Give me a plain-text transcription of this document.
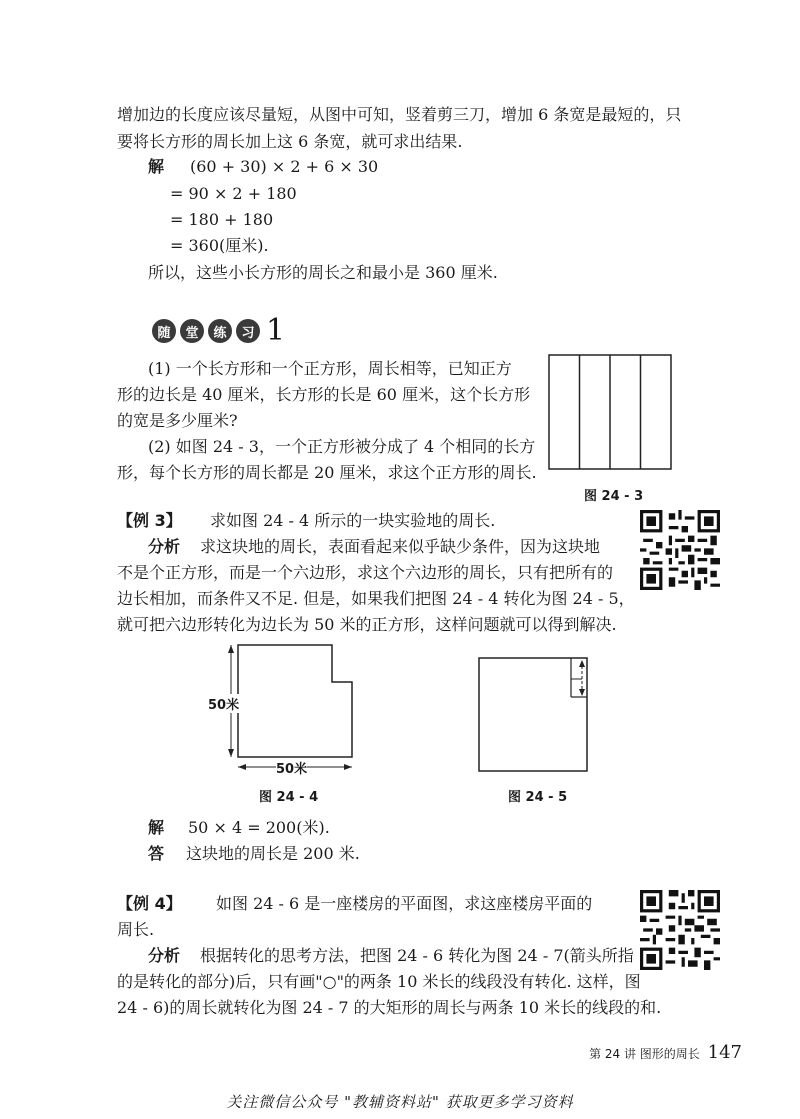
增加边的长度应该尽量短，从图中可知，竖着剪三刀，增加 6 条宽是最短的，只
要将长方形的周长加上这 6 条宽，就可求出结果.
解 (60 + 30) × 2 + 6 × 30
= 90 × 2 + 180
= 180 + 180
= 360(厘米).
所以，这些小长方形的周长之和最小是 360 厘米.
随	堂	练	习 1
(1) 一个长方形和一个正方形，周长相等，已知正方
形的边长是 40 厘米，长方形的长是 60 厘米，这个长方形
的宽是多少厘米?
(2) 如图 24 - 3，一个正方形被分成了 4 个相同的长方
形，每个长方形的周长都是 20 厘米，求这个正方形的周长.
图 24 - 3
【例 3】 求如图 24 - 4 所示的一块实验地的周长.
分析 求这块地的周长，表面看起来似乎缺少条件，因为这块地
不是个正方形，而是一个六边形，求这个六边形的周长，只有把所有的
边长相加，而条件又不足. 但是，如果我们把图 24 - 4 转化为图 24 - 5，
就可把六边形转化为边长为 50 米的正方形，这样问题就可以得到解决.
50米
50米
图 24 - 4	图 24 - 5
解 50 × 4 = 200(米).
答 这块地的周长是 200 米.
【例 4】 如图 24 - 6 是一座楼房的平面图，求这座楼房平面的
周长.
分析 根据转化的思考方法，把图 24 - 6 转化为图 24 - 7(箭头所指
的是转化的部分)后，只有画"○"的两条 10 米长的线段没有转化. 这样，图
24 - 6)的周长就转化为图 24 - 7 的大矩形的周长与两条 10 米长的线段的和.
第 24 讲 图形的周长 147
关注微信公众号 "教辅资料站" 获取更多学习资料
